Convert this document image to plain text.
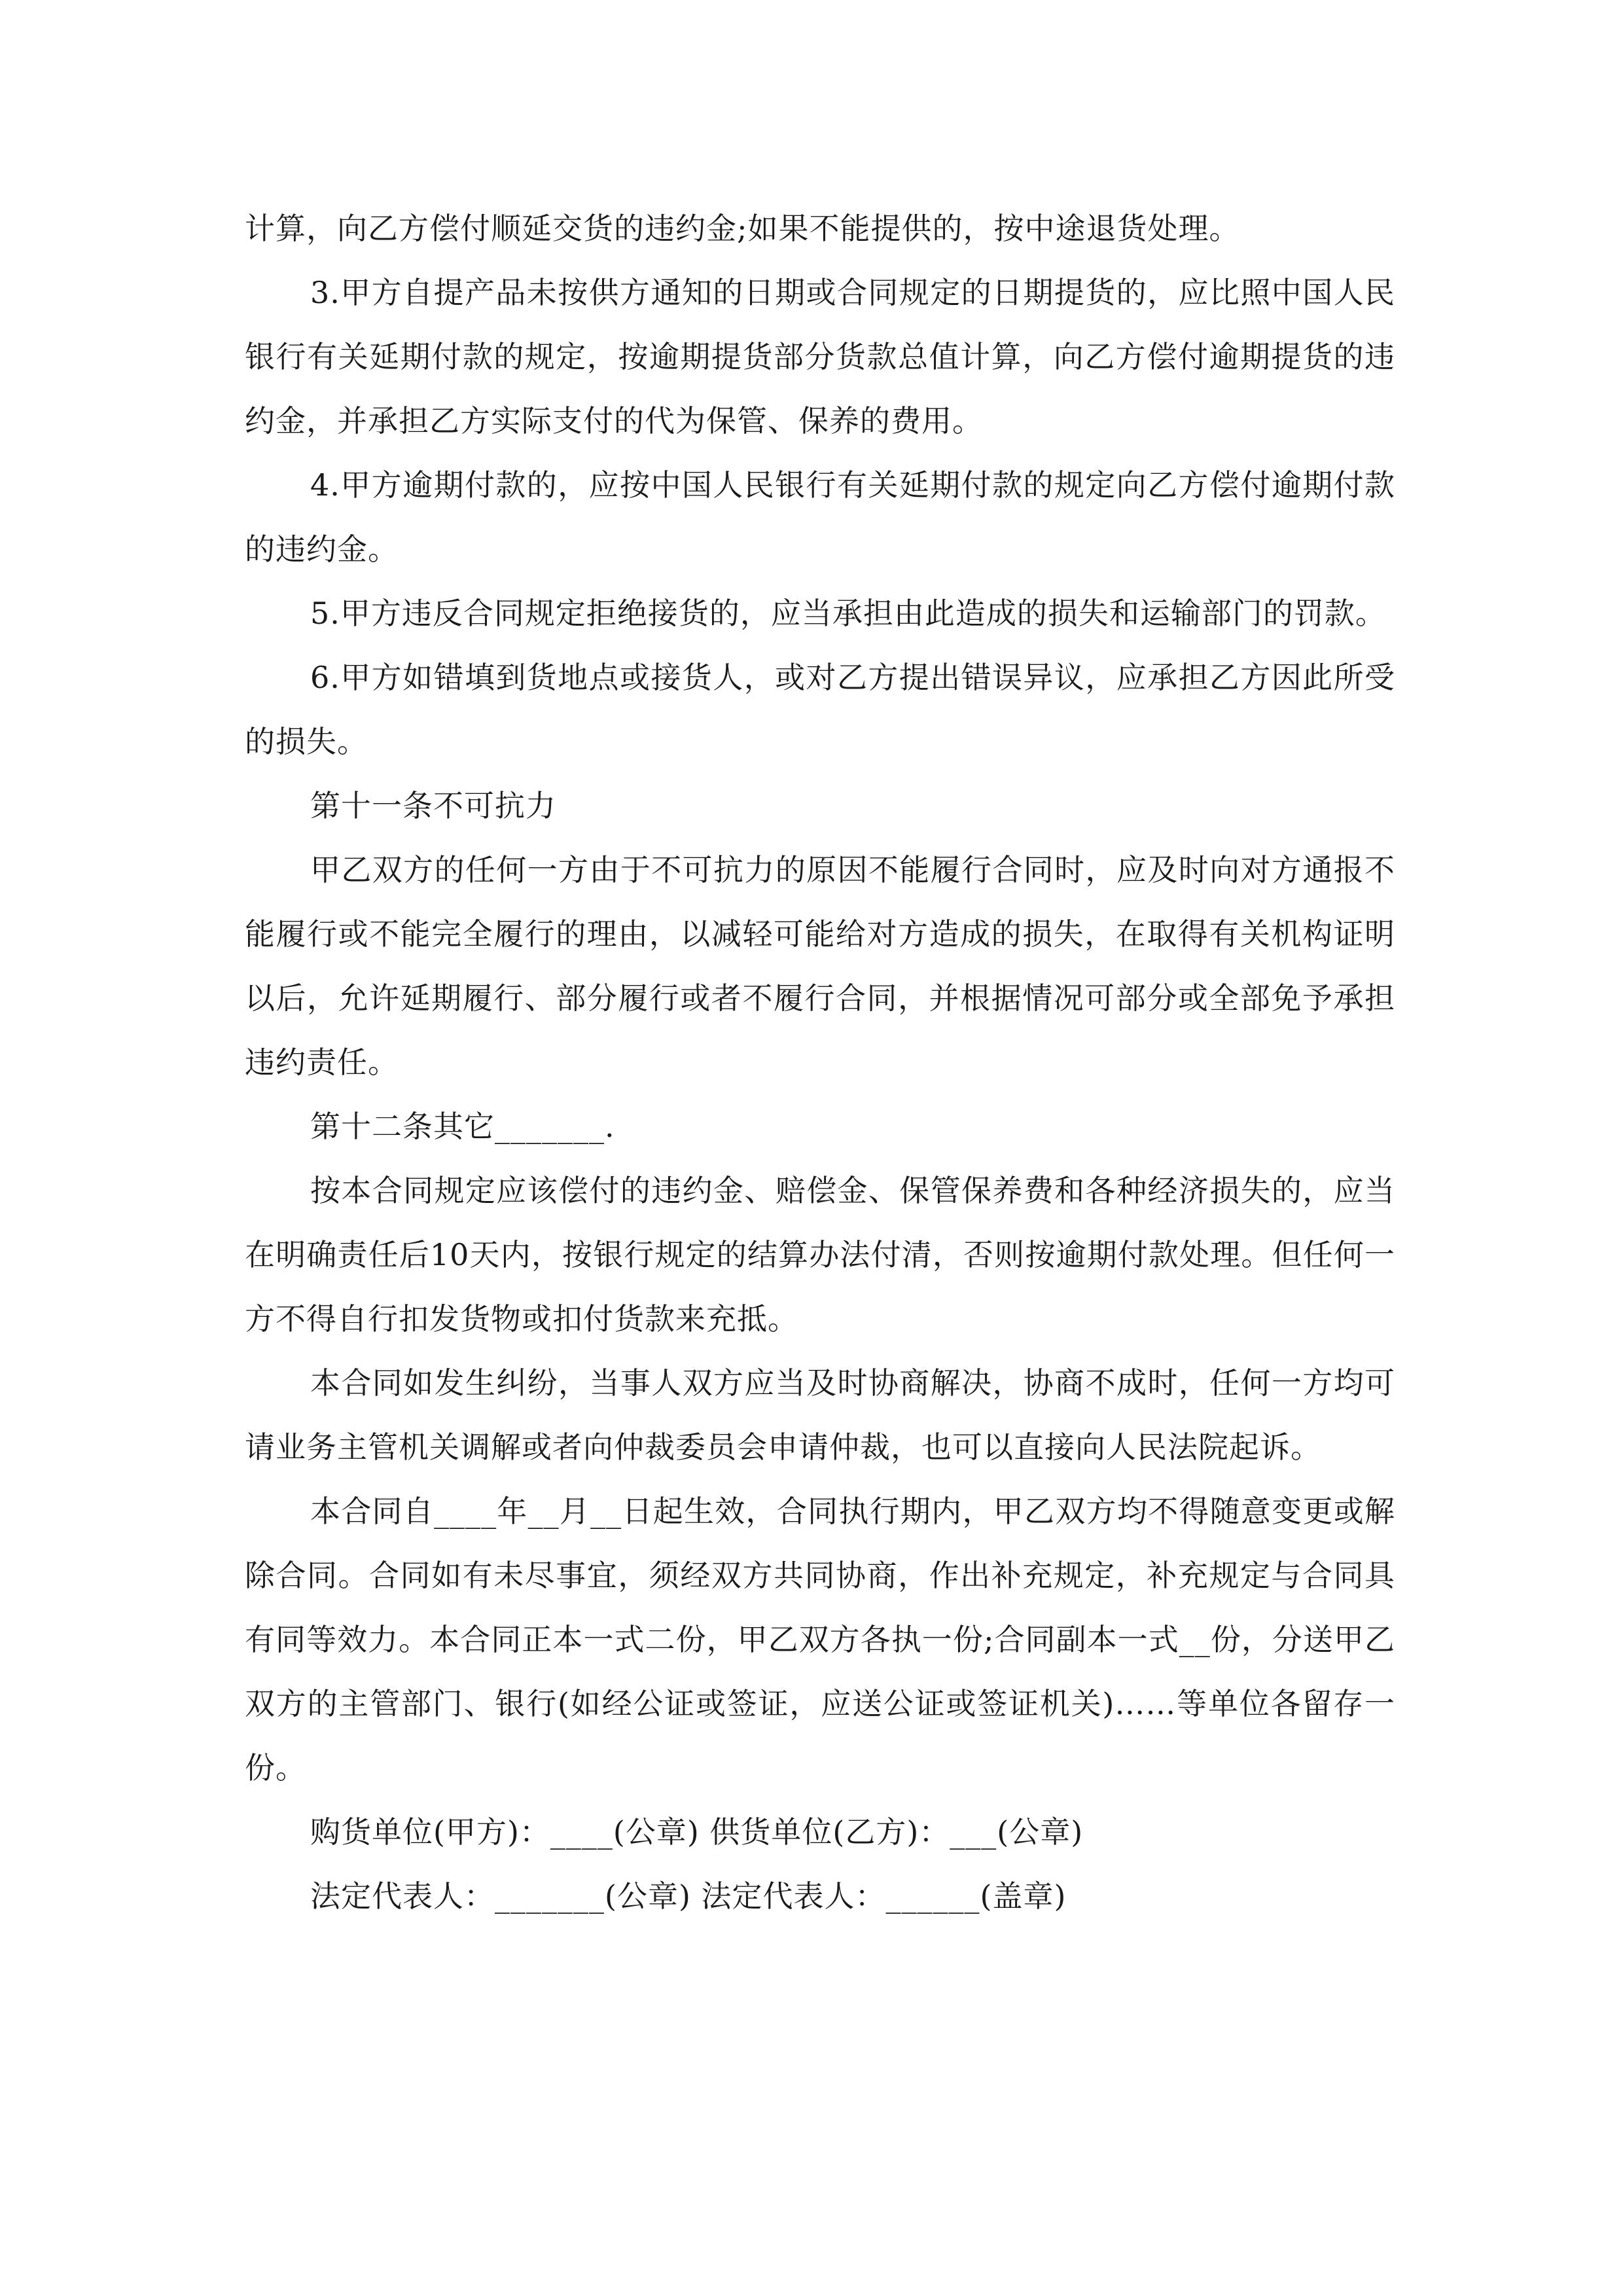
计算，向乙方偿付顺延交货的违约金;如果不能提供的，按中途退货处理。

3.甲方自提产品未按供方通知的日期或合同规定的日期提货的，应比照中国人民银行有关延期付款的规定，按逾期提货部分货款总值计算，向乙方偿付逾期提货的违约金，并承担乙方实际支付的代为保管、保养的费用。

4.甲方逾期付款的，应按中国人民银行有关延期付款的规定向乙方偿付逾期付款的违约金。

5.甲方违反合同规定拒绝接货的，应当承担由此造成的损失和运输部门的罚款。

6.甲方如错填到货地点或接货人，或对乙方提出错误异议，应承担乙方因此所受的损失。

第十一条不可抗力

甲乙双方的任何一方由于不可抗力的原因不能履行合同时，应及时向对方通报不能履行或不能完全履行的理由，以减轻可能给对方造成的损失，在取得有关机构证明以后，允许延期履行、部分履行或者不履行合同，并根据情况可部分或全部免予承担违约责任。

第十二条其它_______.

按本合同规定应该偿付的违约金、赔偿金、保管保养费和各种经济损失的，应当在明确责任后10天内，按银行规定的结算办法付清，否则按逾期付款处理。但任何一方不得自行扣发货物或扣付货款来充抵。

本合同如发生纠纷，当事人双方应当及时协商解决，协商不成时，任何一方均可请业务主管机关调解或者向仲裁委员会申请仲裁，也可以直接向人民法院起诉。

本合同自____年__月__日起生效，合同执行期内，甲乙双方均不得随意变更或解除合同。合同如有未尽事宜，须经双方共同协商，作出补充规定，补充规定与合同具有同等效力。本合同正本一式二份，甲乙双方各执一份;合同副本一式__份，分送甲乙双方的主管部门、银行(如经公证或签证，应送公证或签证机关)……等单位各留存一份。

购货单位(甲方)：____(公章) 供货单位(乙方)：___(公章)

法定代表人：_______(公章) 法定代表人：______(盖章)
